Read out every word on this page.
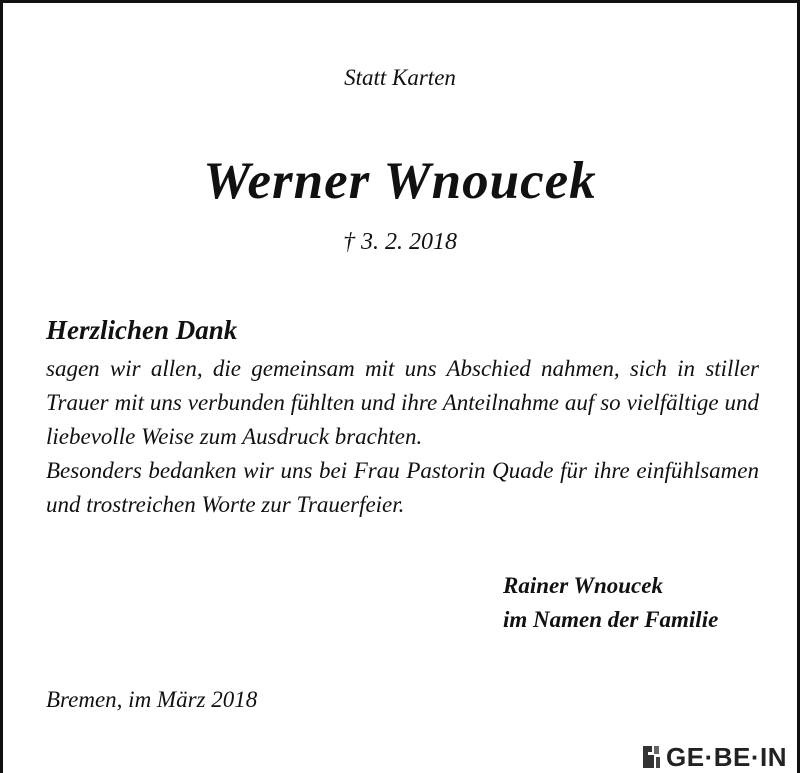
Statt Karten
Werner Wnoucek
† 3. 2. 2018
Herzlichen Dank
sagen wir allen, die gemeinsam mit uns Abschied nahmen, sich in stiller Trauer mit uns verbunden fühlten und ihre Anteilnahme auf so vielfältige und liebevolle Weise zum Ausdruck brachten.
Besonders bedanken wir uns bei Frau Pastorin Quade für ihre einfühlsamen und trostreichen Worte zur Trauerfeier.
Rainer Wnoucek
im Namen der Familie
Bremen, im März 2018
GE·BE·IN
